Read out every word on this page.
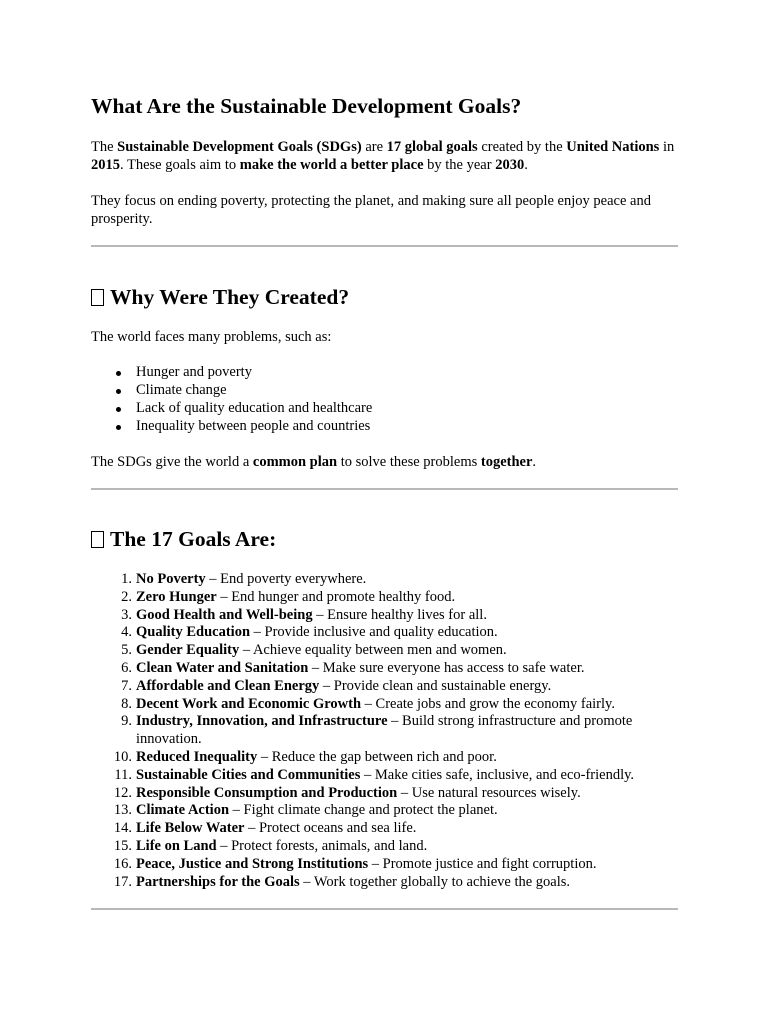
What Are the Sustainable Development Goals?

The Sustainable Development Goals (SDGs) are 17 global goals created by the United Nations in 2015. These goals aim to make the world a better place by the year 2030.

They focus on ending poverty, protecting the planet, and making sure all people enjoy peace and prosperity.

Why Were They Created?

The world faces many problems, such as:

Hunger and poverty
Climate change
Lack of quality education and healthcare
Inequality between people and countries

The SDGs give the world a common plan to solve these problems together.

The 17 Goals Are:
1. No Poverty – End poverty everywhere.
2. Zero Hunger – End hunger and promote healthy food.
3. Good Health and Well-being – Ensure healthy lives for all.
4. Quality Education – Provide inclusive and quality education.
5. Gender Equality – Achieve equality between men and women.
6. Clean Water and Sanitation – Make sure everyone has access to safe water.
7. Affordable and Clean Energy – Provide clean and sustainable energy.
8. Decent Work and Economic Growth – Create jobs and grow the economy fairly.
9. Industry, Innovation, and Infrastructure – Build strong infrastructure and promote innovation.
10. Reduced Inequality – Reduce the gap between rich and poor.
11. Sustainable Cities and Communities – Make cities safe, inclusive, and eco-friendly.
12. Responsible Consumption and Production – Use natural resources wisely.
13. Climate Action – Fight climate change and protect the planet.
14. Life Below Water – Protect oceans and sea life.
15. Life on Land – Protect forests, animals, and land.
16. Peace, Justice and Strong Institutions – Promote justice and fight corruption.
17. Partnerships for the Goals – Work together globally to achieve the goals.
